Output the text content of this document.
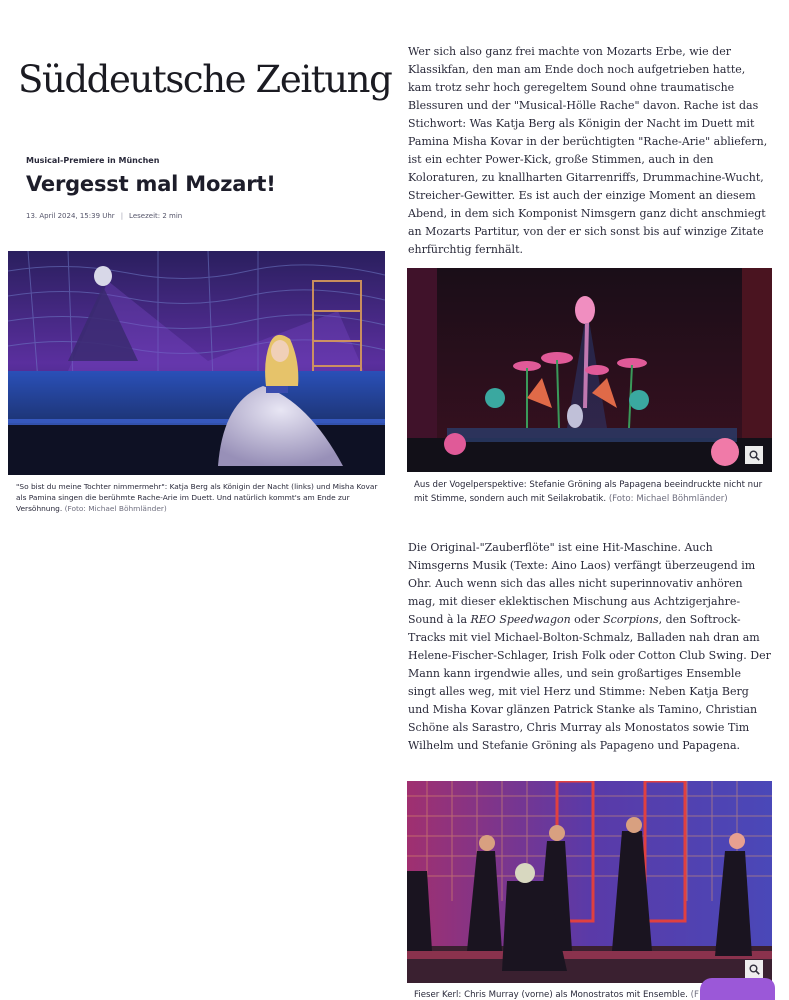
Süddeutsche Zeitung
Musical-Premiere in München
Vergesst mal Mozart!
13. April 2024, 15:39 Uhr | Lesezeit: 2 min

Wer sich also ganz frei machte von Mozarts Erbe, wie der Klassikfan, den man am Ende doch noch aufgetrieben hatte, kam trotz sehr hoch geregeltem Sound ohne traumatische Blessuren und der "Musical-Hölle Rache" davon. Rache ist das Stichwort: Was Katja Berg als Königin der Nacht im Duett mit Pamina Misha Kovar in der berüchtigten "Rache-Arie" abliefern, ist ein echter Power-Kick, große Stimmen, auch in den Koloraturen, zu knallharten Gitarrenriffs, Drummachine-Wucht, Streicher-Gewitter. Es ist auch der einzige Moment an diesem Abend, in dem sich Komponist Nimsgern ganz dicht anschmiegt an Mozarts Partitur, von der er sich sonst bis auf winzige Zitate ehrfürchtig fernhält.

"So bist du meine Tochter nimmermehr": Katja Berg als Königin der Nacht (links) und Misha Kovar als Pamina singen die berühmte Rache-Arie im Duett. Und natürlich kommt's am Ende zur Versöhnung. (Foto: Michael Böhmländer)

Aus der Vogelperspektive: Stefanie Gröning als Papagena beeindruckte nicht nur mit Stimme, sondern auch mit Seilakrobatik. (Foto: Michael Böhmländer)

Die Original-"Zauberflöte" ist eine Hit-Maschine. Auch Nimsgerns Musik (Texte: Aino Laos) verfängt überzeugend im Ohr. Auch wenn sich das alles nicht superinnovativ anhören mag, mit dieser eklektischen Mischung aus Achtzigerjahre-Sound à la REO Speedwagon oder Scorpions, den Softrock-Tracks mit viel Michael-Bolton-Schmalz, Balladen nah dran am Helene-Fischer-Schlager, Irish Folk oder Cotton Club Swing. Der Mann kann irgendwie alles, und sein großartiges Ensemble singt alles weg, mit viel Herz und Stimme: Neben Katja Berg und Misha Kovar glänzen Patrick Stanke als Tamino, Christian Schöne als Sarastro, Chris Murray als Monostatos sowie Tim Wilhelm und Stefanie Gröning als Papageno und Papagena.

Fieser Kerl: Chris Murray (vorne) als Monostratos mit Ensemble. (F
